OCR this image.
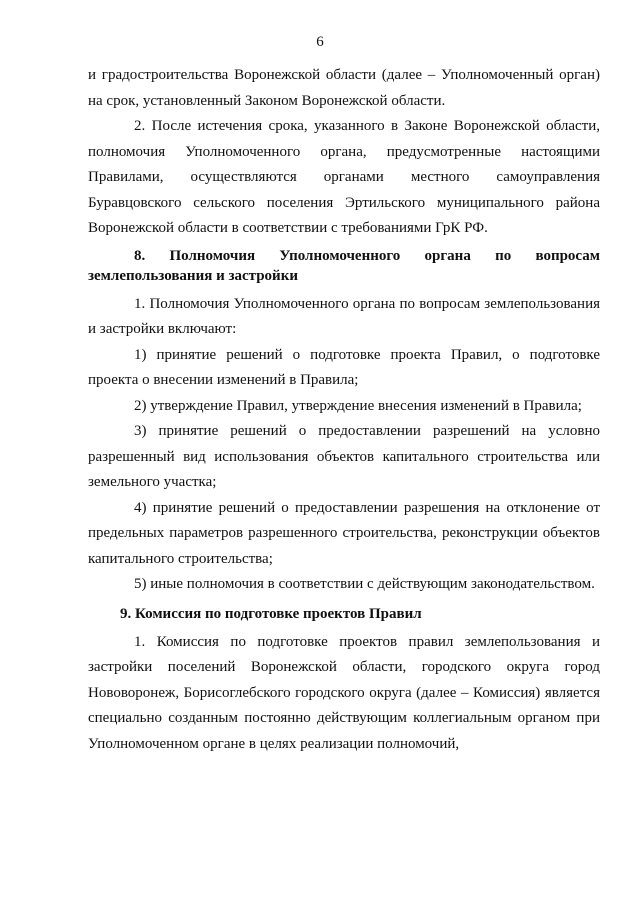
6

и градостроительства Воронежской области (далее – Уполномоченный орган) на срок, установленный Законом Воронежской области.

2. После истечения срока, указанного в Законе Воронежской области, полномочия Уполномоченного органа, предусмотренные настоящими Правилами, осуществляются органами местного самоуправления Буравцовского сельского поселения Эртильского муниципального района Воронежской области в соответствии с требованиями ГрК РФ.

8. Полномочия Уполномоченного органа по вопросам землепользования и застройки

1. Полномочия Уполномоченного органа по вопросам землепользования и застройки включают:

1) принятие решений о подготовке проекта Правил, о подготовке проекта о внесении изменений в Правила;

2) утверждение Правил, утверждение внесения изменений в Правила;

3) принятие решений о предоставлении разрешений на условно разрешенный вид использования объектов капитального строительства или земельного участка;

4) принятие решений о предоставлении разрешения на отклонение от предельных параметров разрешенного строительства, реконструкции объектов капитального строительства;

5) иные полномочия в соответствии с действующим законодательством.

9. Комиссия по подготовке проектов Правил

1. Комиссия по подготовке проектов правил землепользования и застройки поселений Воронежской области, городского округа город Нововоронеж, Борисоглебского городского округа (далее – Комиссия) является специально созданным постоянно действующим коллегиальным органом при Уполномоченном органе в целях реализации полномочий,
